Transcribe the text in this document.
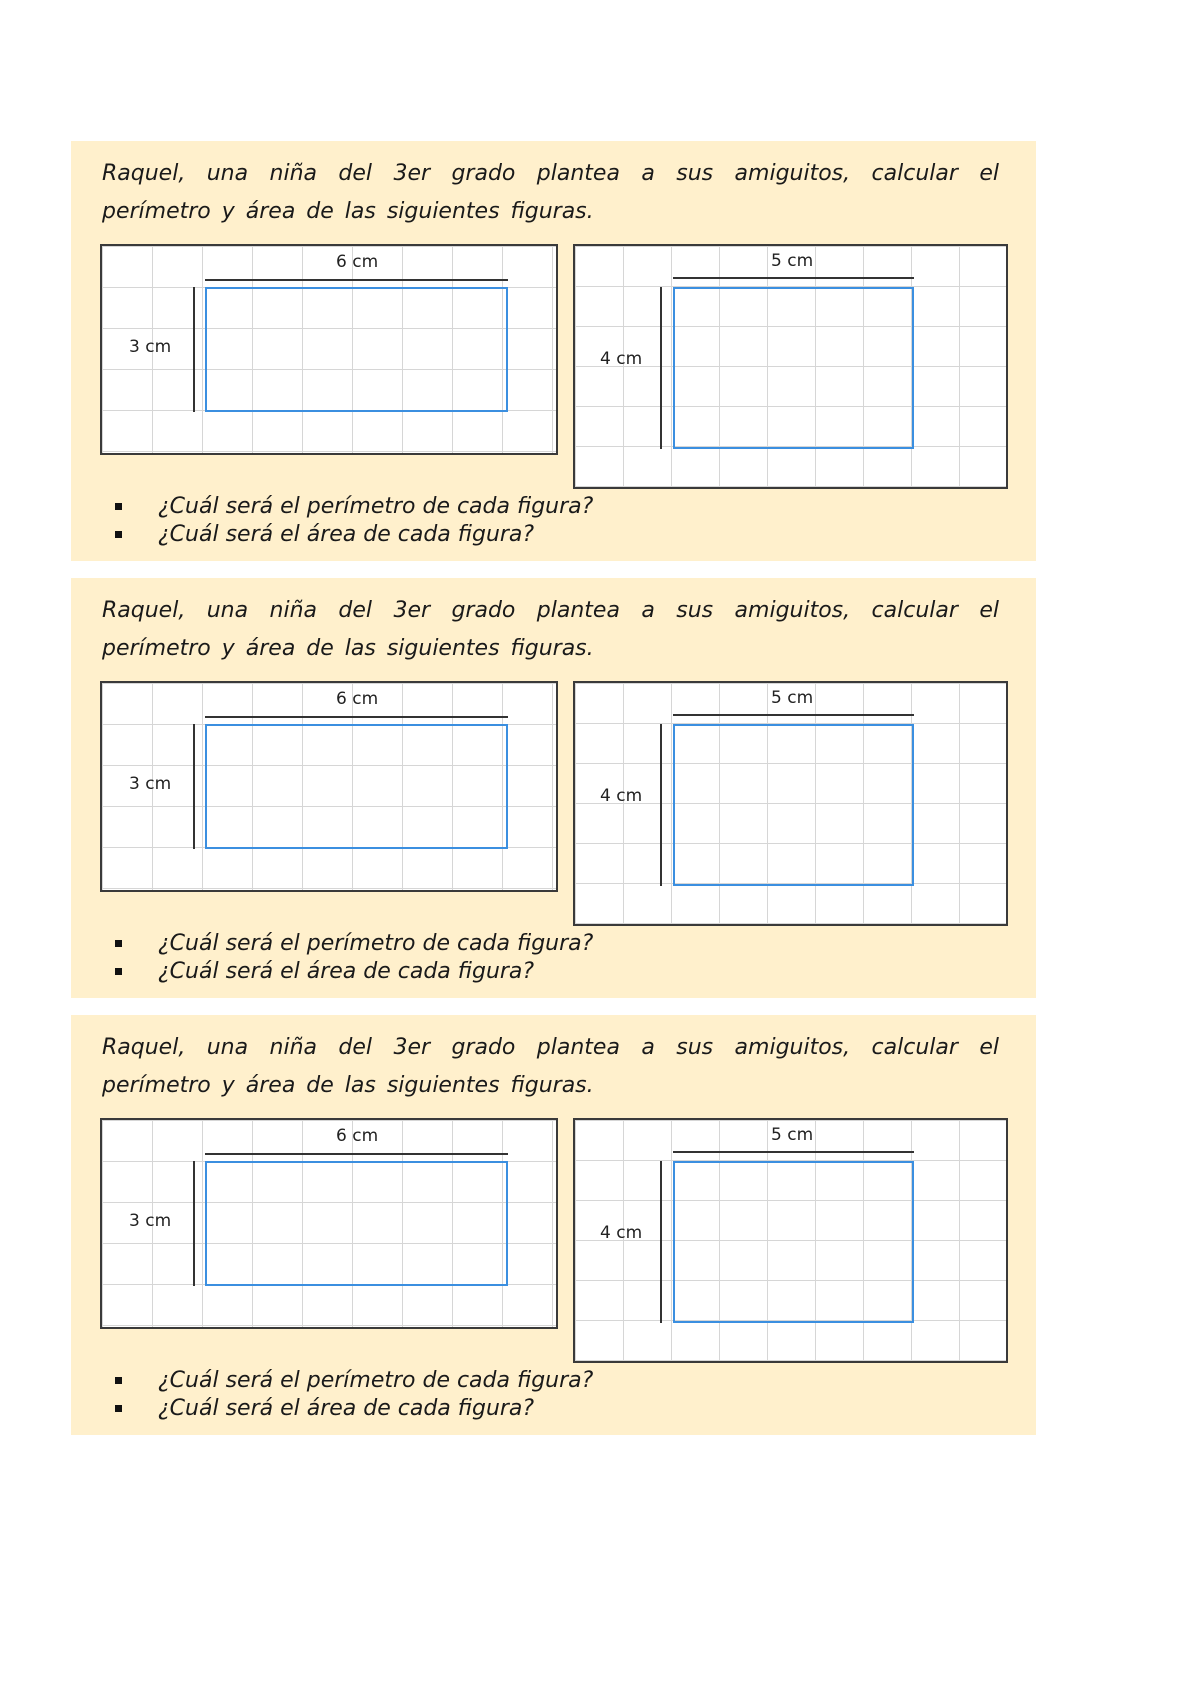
Raquel, una niña del 3er grado plantea a sus amiguitos, calcular el perímetro y área de las siguientes figuras.

6 cm
3 cm
5 cm
4 cm
¿Cuál será el perímetro de cada figura?
¿Cuál será el área de cada figura?

Raquel, una niña del 3er grado plantea a sus amiguitos, calcular el perímetro y área de las siguientes figuras.

6 cm
3 cm
5 cm
4 cm
¿Cuál será el perímetro de cada figura?
¿Cuál será el área de cada figura?

Raquel, una niña del 3er grado plantea a sus amiguitos, calcular el perímetro y área de las siguientes figuras.

6 cm
3 cm
5 cm
4 cm
¿Cuál será el perímetro de cada figura?
¿Cuál será el área de cada figura?
